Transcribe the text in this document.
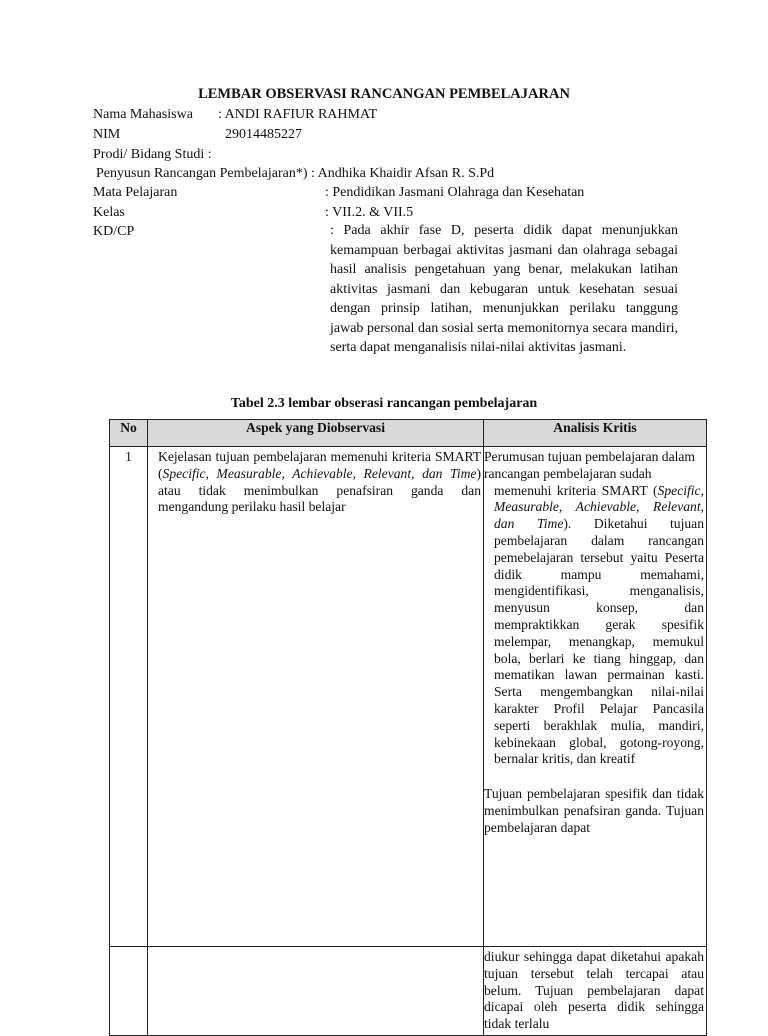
LEMBAR OBSERVASI RANCANGAN PEMBELAJARAN
Nama Mahasiswa : ANDI RAFIUR RAHMAT
NIM	29014485227
Prodi/ Bidang Studi :
Penyusun Rancangan Pembelajaran*) : Andhika Khaidir Afsan R. S.Pd
Mata Pelajaran	: Pendidikan Jasmani Olahraga dan Kesehatan
Kelas	: VII.2. & VII.5
KD/CP	: Pada akhir fase D, peserta didik dapat menunjukkan kemampuan berbagai aktivitas jasmani dan olahraga sebagai hasil analisis pengetahuan yang benar, melakukan latihan aktivitas jasmani dan kebugaran untuk kesehatan sesuai dengan prinsip latihan, menunjukkan perilaku tanggung jawab personal dan sosial serta memonitornya secara mandiri, serta dapat menganalisis nilai-nilai aktivitas jasmani.
Tabel 2.3 lembar obserasi rancangan pembelajaran
No	Aspek yang Diobservasi	Analisis Kritis
1	Kejelasan tujuan pembelajaran memenuhi kriteria SMART (Specific, Measurable, Achievable, Relevant, dan Time) atau tidak menimbulkan penafsiran ganda dan mengandung perilaku hasil belajar	Perumusan tujuan pembelajaran dalam

rancangan pembelajaran sudah

memenuhi kriteria SMART (Specific, Measurable, Achievable, Relevant, dan Time). Diketahui tujuan pembelajaran dalam rancangan pemebelajaran tersebut yaitu Peserta didik mampu memahami, mengidentifikasi, menganalisis, menyusun konsep, dan mempraktikkan gerak spesifik melempar, menangkap, memukul bola, berlari ke tiang hinggap, dan mematikan lawan permainan kasti. Serta mengembangkan nilai-nilai karakter Profil Pelajar Pancasila seperti berakhlak mulia, mandiri, kebinekaan global, gotong-royong, bernalar kritis, dan kreatif

Tujuan pembelajaran spesifik dan tidak menimbulkan penafsiran ganda. Tujuan pembelajaran dapat

		diukur sehingga dapat diketahui apakah tujuan tersebut telah tercapai atau belum. Tujuan pembelajaran dapat dicapai oleh peserta didik sehingga tidak terlalu
